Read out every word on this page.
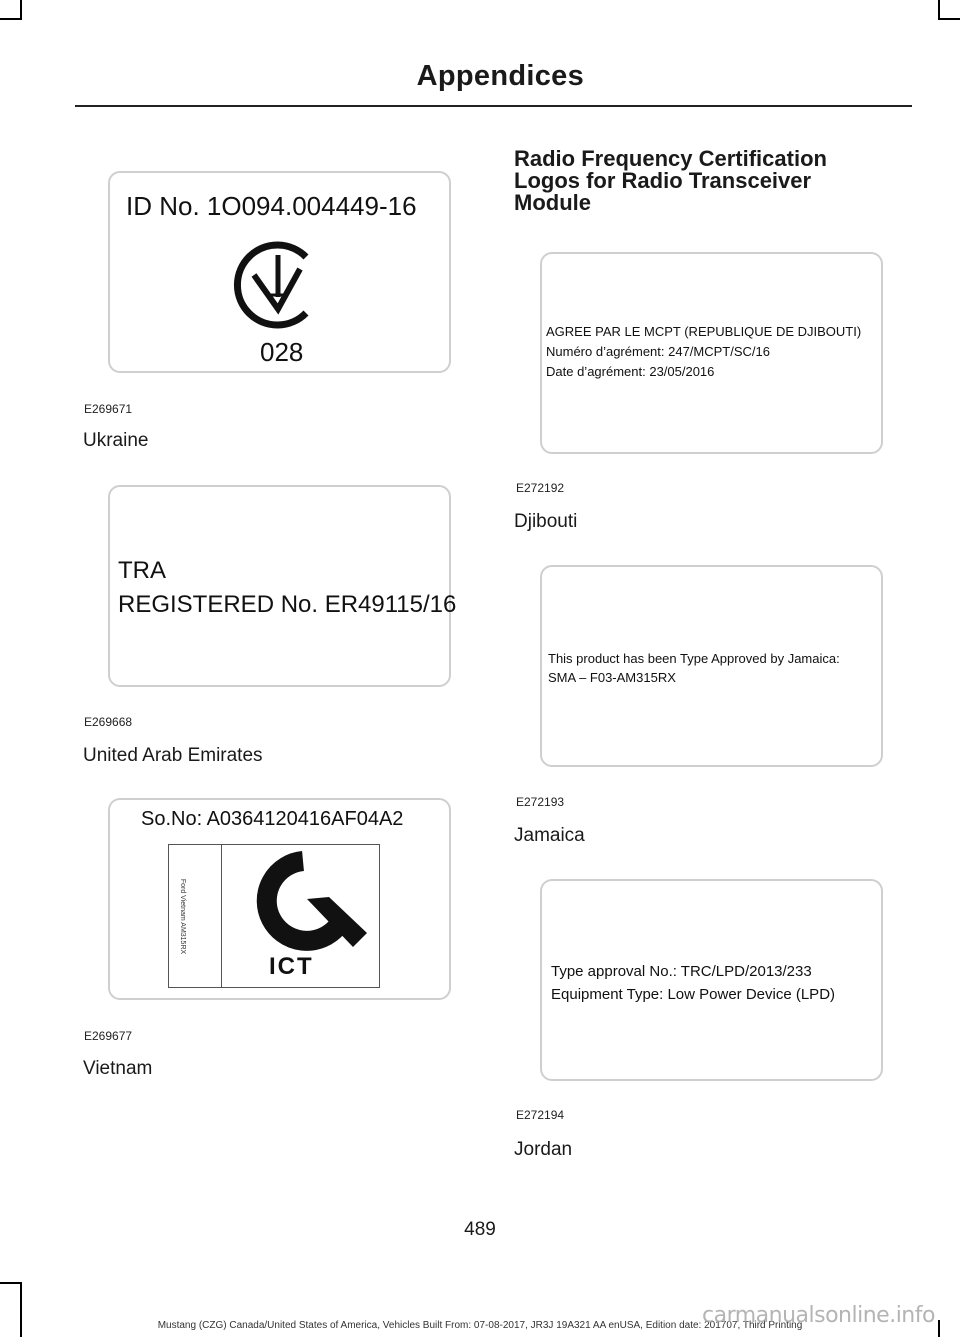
Appendices
ID No. 1O094.004449-16
028
E269671
Ukraine
TRA
REGISTERED No. ER49115/16
E269668
United Arab Emirates
So.No: A0364120416AF04A2
Ford Vietnam AM315RX
ICT
E269677
Vietnam
Radio Frequency Certification
Logos for Radio Transceiver
Module
AGREE PAR LE MCPT (REPUBLIQUE DE DJIBOUTI)
Numéro d’agrément: 247/MCPT/SC/16
Date d’agrément: 23/05/2016
E272192
Djibouti
This product has been Type Approved by Jamaica:
SMA – F03-AM315RX
E272193
Jamaica
Type approval No.: TRC/LPD/2013/233
Equipment Type: Low Power Device (LPD)
E272194
Jordan
489
Mustang (CZG) Canada/United States of America, Vehicles Built From: 07-08-2017, JR3J 19A321 AA enUSA, Edition date: 201707, Third Printing
carmanualsonline.info
